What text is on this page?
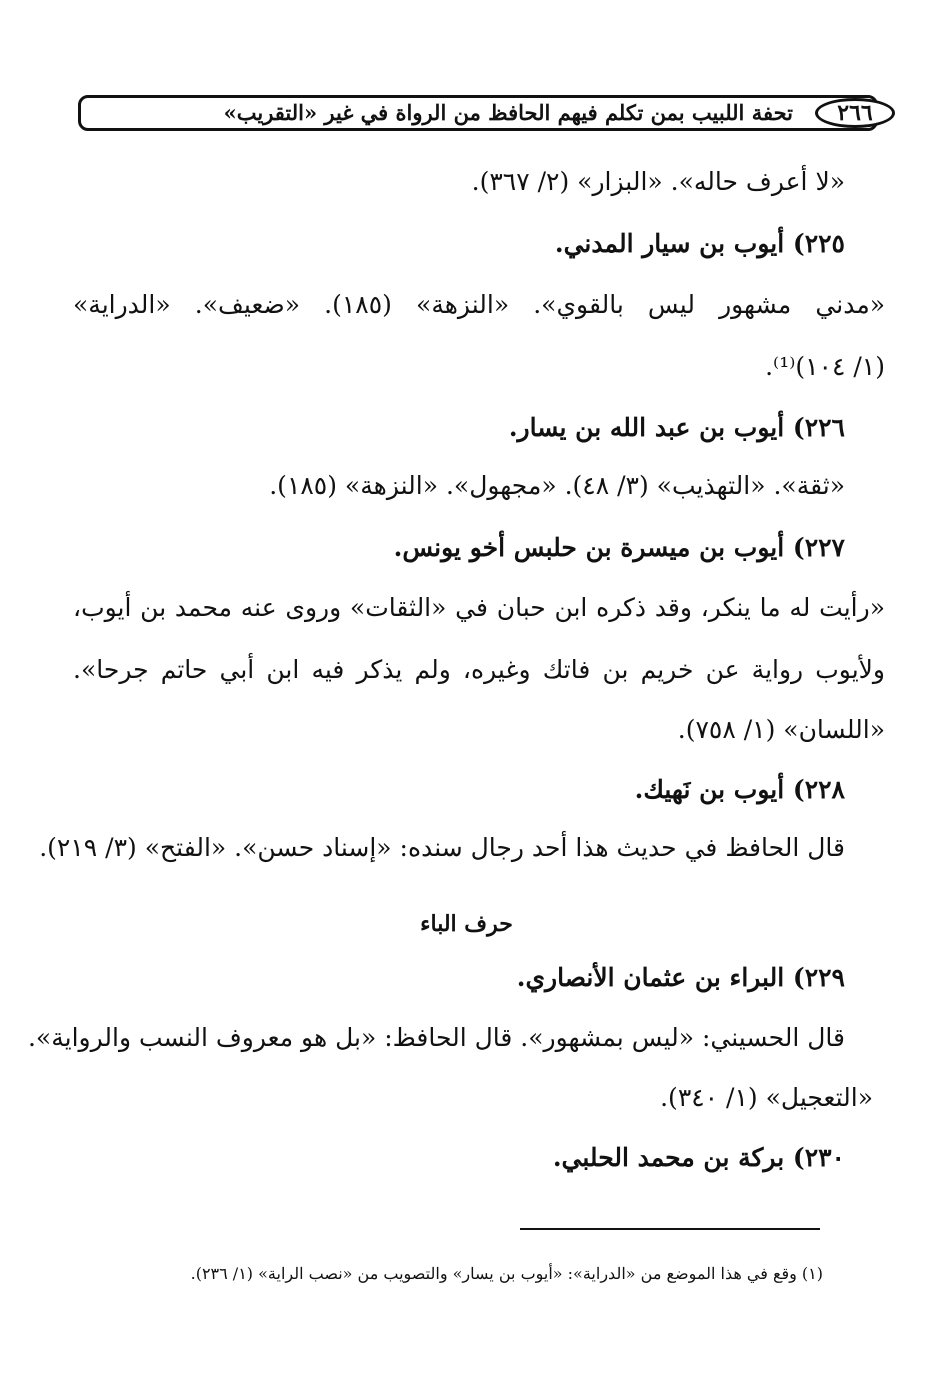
٢٦٦
تحفة اللبيب بمن تكلم فيهم الحافظ من الرواة في غير «التقريب»
«لا أعرف حاله». «البزار» (٢/ ٣٦٧).
٢٢٥) أيوب بن سيار المدني.
«مدني مشهور ليس بالقوي». «النزهة» (١٨٥). «ضعيف». «الدراية»
(١/ ١٠٤)⁽¹⁾.
٢٢٦) أيوب بن عبد الله بن يسار.
«ثقة». «التهذيب» (٣/ ٤٨). «مجهول». «النزهة» (١٨٥).
٢٢٧) أيوب بن ميسرة بن حلبس أخو يونس.
«رأيت له ما ينكر، وقد ذكره ابن حبان في «الثقات» وروى عنه محمد بن أيوب،
ولأيوب رواية عن خريم بن فاتك وغيره، ولم يذكر فيه ابن أبي حاتم جرحا».
«اللسان» (١/ ٧٥٨).
٢٢٨) أيوب بن نَهيك.
قال الحافظ في حديث هذا أحد رجال سنده: «إسناد حسن». «الفتح» (٣/ ٢١٩).
حرف الباء
٢٢٩) البراء بن عثمان الأنصاري.
قال الحسيني: «ليس بمشهور». قال الحافظ: «بل هو معروف النسب والرواية».
«التعجيل» (١/ ٣٤٠).
٢٣٠) بركة بن محمد الحلبي.
(١) وقع في هذا الموضع من «الدراية»: «أيوب بن يسار» والتصويب من «نصب الراية» (١/ ٢٣٦).
